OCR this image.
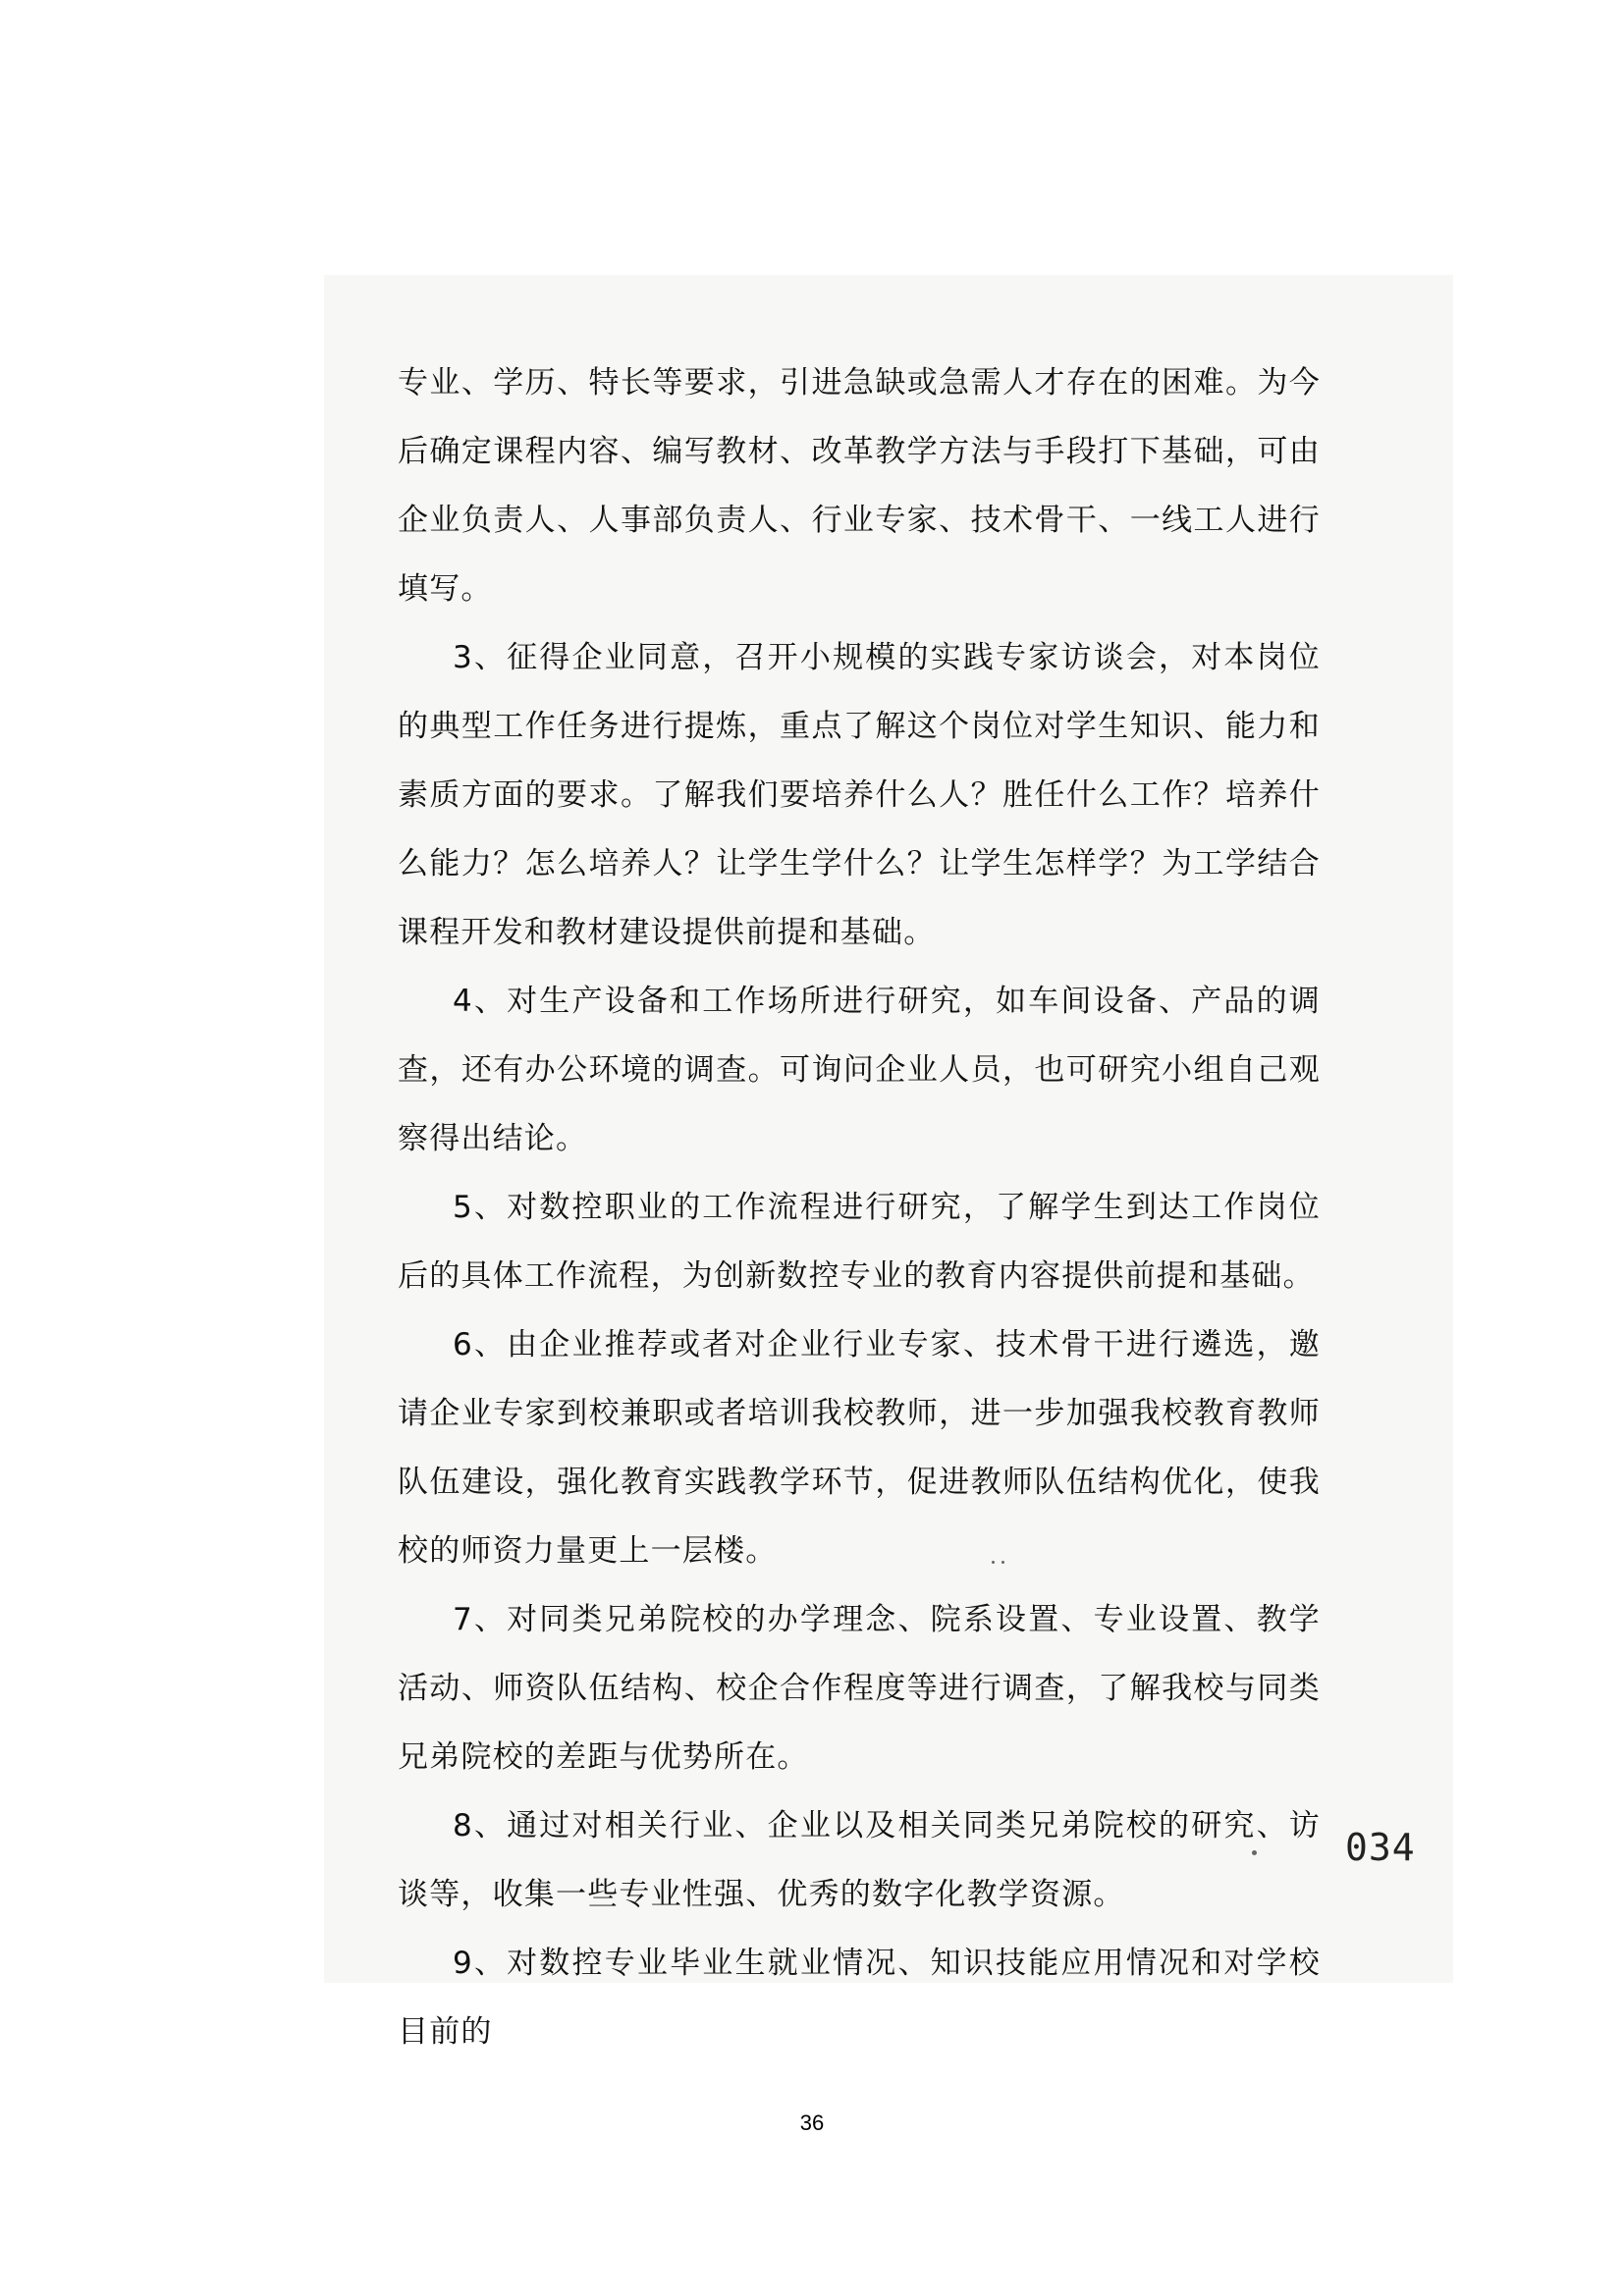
专业、学历、特长等要求，引进急缺或急需人才存在的困难。为今后确定课程内容、编写教材、改革教学方法与手段打下基础，可由企业负责人、人事部负责人、行业专家、技术骨干、一线工人进行填写。

3、征得企业同意，召开小规模的实践专家访谈会，对本岗位的典型工作任务进行提炼，重点了解这个岗位对学生知识、能力和素质方面的要求。了解我们要培养什么人？胜任什么工作？培养什么能力？怎么培养人？让学生学什么？让学生怎样学？为工学结合课程开发和教材建设提供前提和基础。

4、对生产设备和工作场所进行研究，如车间设备、产品的调查，还有办公环境的调查。可询问企业人员，也可研究小组自己观察得出结论。

5、对数控职业的工作流程进行研究，了解学生到达工作岗位后的具体工作流程，为创新数控专业的教育内容提供前提和基础。

6、由企业推荐或者对企业行业专家、技术骨干进行遴选，邀请企业专家到校兼职或者培训我校教师，进一步加强我校教育教师队伍建设，强化教育实践教学环节，促进教师队伍结构优化，使我校的师资力量更上一层楼。

7、对同类兄弟院校的办学理念、院系设置、专业设置、教学活动、师资队伍结构、校企合作程度等进行调查，了解我校与同类兄弟院校的差距与优势所在。

8、通过对相关行业、企业以及相关同类兄弟院校的研究、访谈等，收集一些专业性强、优秀的数字化教学资源。

9、对数控专业毕业生就业情况、知识技能应用情况和对学校目前的

034
36
